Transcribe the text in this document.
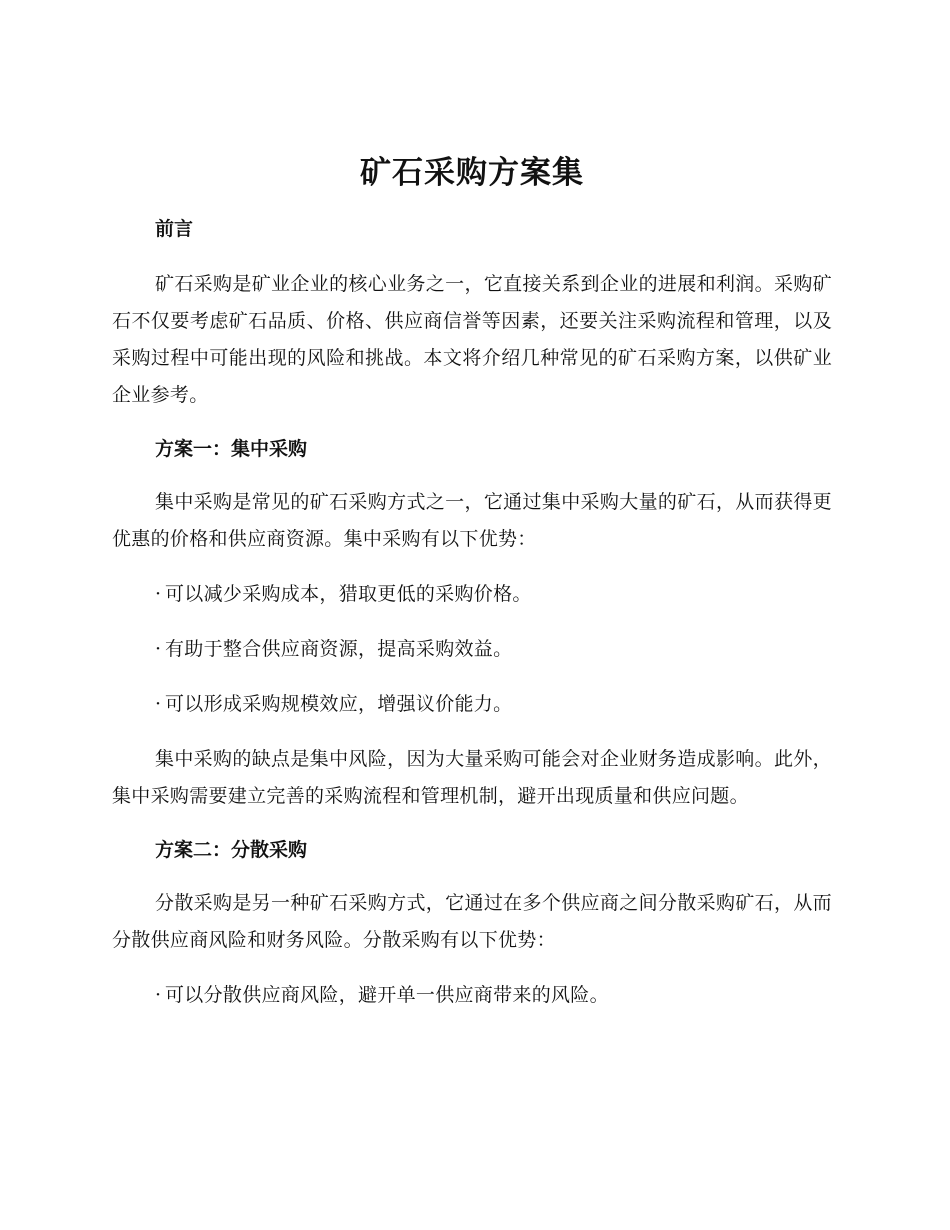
矿石采购方案集
前言

矿石采购是矿业企业的核心业务之一，它直接关系到企业的进展和利润。采购矿石不仅要考虑矿石品质、价格、供应商信誉等因素，还要关注采购流程和管理，以及采购过程中可能出现的风险和挑战。本文将介绍几种常见的矿石采购方案，以供矿业企业参考。

方案一：集中采购

集中采购是常见的矿石采购方式之一，它通过集中采购大量的矿石，从而获得更优惠的价格和供应商资源。集中采购有以下优势：

· 可以减少采购成本，猎取更低的采购价格。
· 有助于整合供应商资源，提高采购效益。
· 可以形成采购规模效应，增强议价能力。

集中采购的缺点是集中风险，因为大量采购可能会对企业财务造成影响。此外，集中采购需要建立完善的采购流程和管理机制，避开出现质量和供应问题。

方案二：分散采购

分散采购是另一种矿石采购方式，它通过在多个供应商之间分散采购矿石，从而分散供应商风险和财务风险。分散采购有以下优势：

· 可以分散供应商风险，避开单一供应商带来的风险。
